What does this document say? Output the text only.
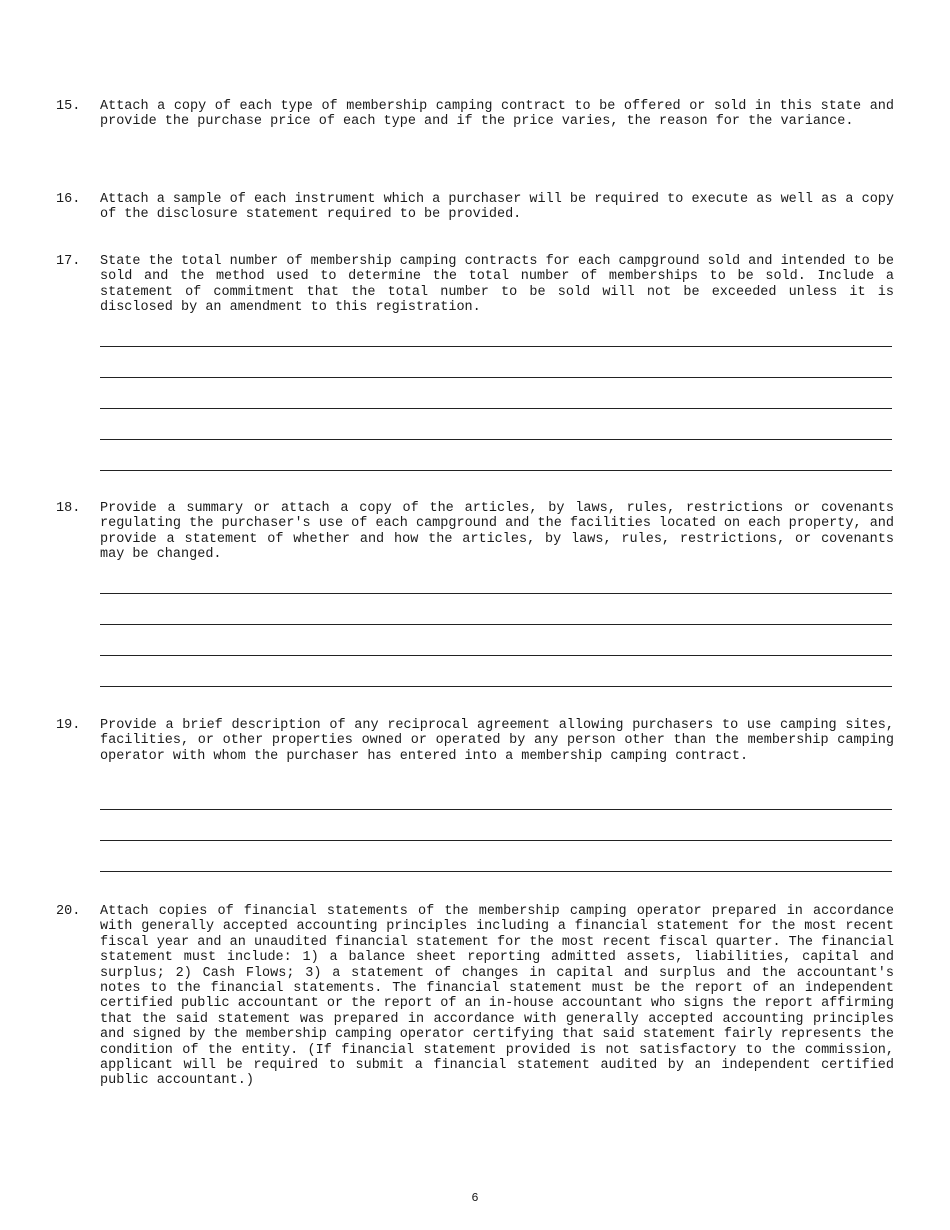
15. Attach a copy of each type of membership camping contract to be offered or sold in this state and provide the purchase price of each type and if the price varies, the reason for the variance.
16. Attach a sample of each instrument which a purchaser will be required to execute as well as a copy of the disclosure statement required to be provided.
17. State the total number of membership camping contracts for each campground sold and intended to be sold and the method used to determine the total number of memberships to be sold. Include a statement of commitment that the total number to be sold will not be exceeded unless it is disclosed by an amendment to this registration.
18. Provide a summary or attach a copy of the articles, by laws, rules, restrictions or covenants regulating the purchaser's use of each campground and the facilities located on each property, and provide a statement of whether and how the articles, by laws, rules, restrictions, or covenants may be changed.
19. Provide a brief description of any reciprocal agreement allowing purchasers to use camping sites, facilities, or other properties owned or operated by any person other than the membership camping operator with whom the purchaser has entered into a membership camping contract.
20. Attach copies of financial statements of the membership camping operator prepared in accordance with generally accepted accounting principles including a financial statement for the most recent fiscal year and an unaudited financial statement for the most recent fiscal quarter. The financial statement must include: 1) a balance sheet reporting admitted assets, liabilities, capital and surplus; 2) Cash Flows; 3) a statement of changes in capital and surplus and the accountant's notes to the financial statements. The financial statement must be the report of an independent certified public accountant or the report of an in-house accountant who signs the report affirming that the said statement was prepared in accordance with generally accepted accounting principles and signed by the membership camping operator certifying that said statement fairly represents the condition of the entity. (If financial statement provided is not satisfactory to the commission, applicant will be required to submit a financial statement audited by an independent certified public accountant.)
6
